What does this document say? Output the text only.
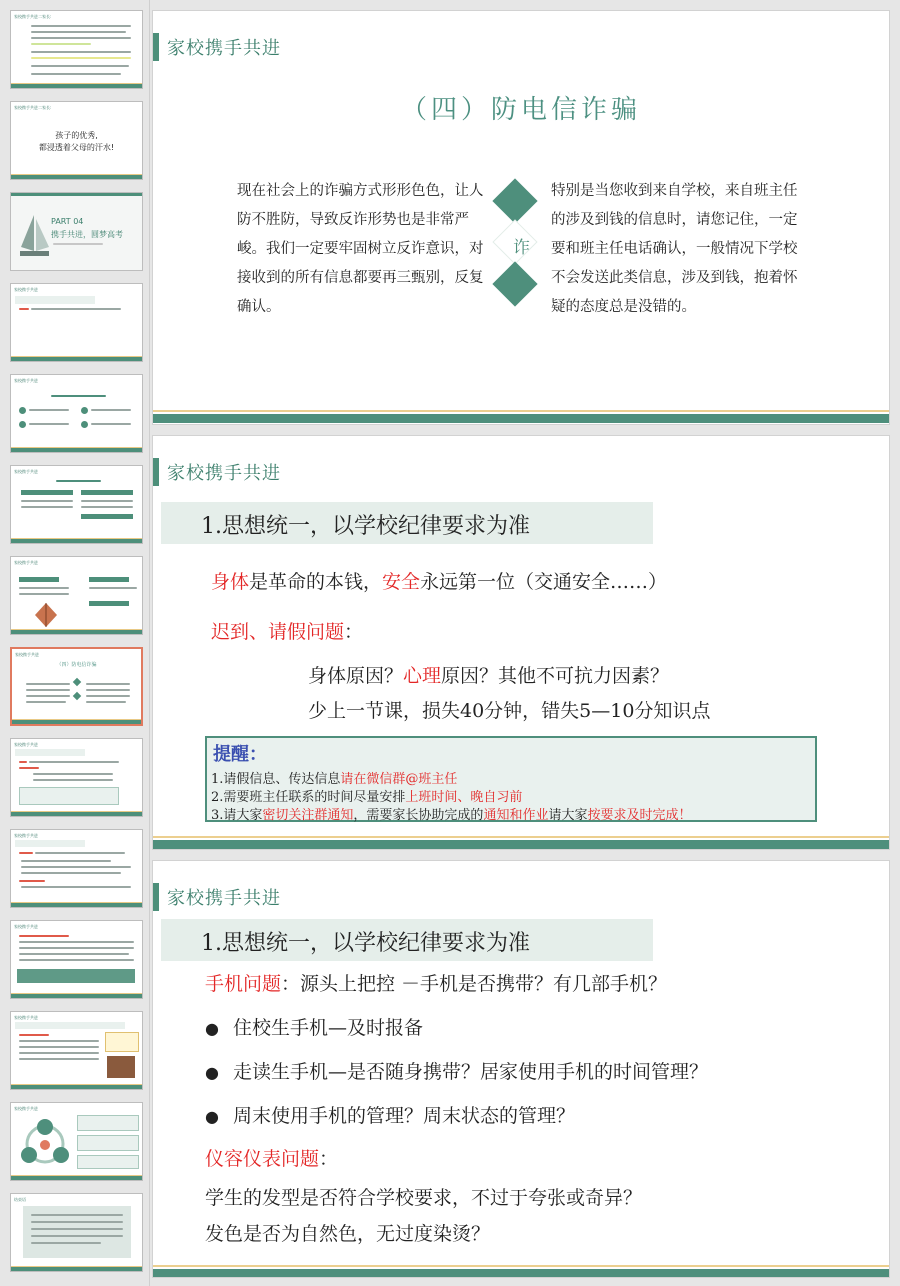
家校携手共进二家长:
家校携手共进二家长:
孩子的优秀,
都浸透着父母的汗水!
PART 04
携手共进，圆梦高考
家校携手共进
家校携手共进
家校携手共进
家校携手共进
家校携手共进
（四）防电信诈骗
家校携手共进
家校携手共进
家校携手共进
家校携手共进
家校携手共进
结束语
家校携手共进
（四）防电信诈骗
现在社会上的诈骗方式形形色色，让人防不胜防，导致反诈形势也是非常严峻。我们一定要牢固树立反诈意识，对接收到的所有信息都要再三甄别，反复确认。
诈
特别是当您收到来自学校，来自班主任的涉及到钱的信息时，请您记住，一定要和班主任电话确认，一般情况下学校不会发送此类信息，涉及到钱，抱着怀疑的态度总是没错的。
家校携手共进
1.思想统一，以学校纪律要求为准
身体是革命的本钱，安全永远第一位（交通安全……）
迟到、请假问题：
身体原因？心理原因？其他不可抗力因素？
少上一节课，损失40分钟，错失5—10分知识点
提醒：
1.请假信息、传达信息请在微信群@班主任
2.需要班主任联系的时间尽量安排上班时间、晚自习前
3.请大家密切关注群通知，需要家长协助完成的通知和作业请大家按要求及时完成！
家校携手共进
1.思想统一，以学校纪律要求为准
手机问题：源头上把控 －手机是否携带？有几部手机？
● 住校生手机—及时报备
● 走读生手机—是否随身携带？居家使用手机的时间管理？
● 周末使用手机的管理？周末状态的管理？
仪容仪表问题：
学生的发型是否符合学校要求，不过于夸张或奇异？
发色是否为自然色，无过度染烫？
